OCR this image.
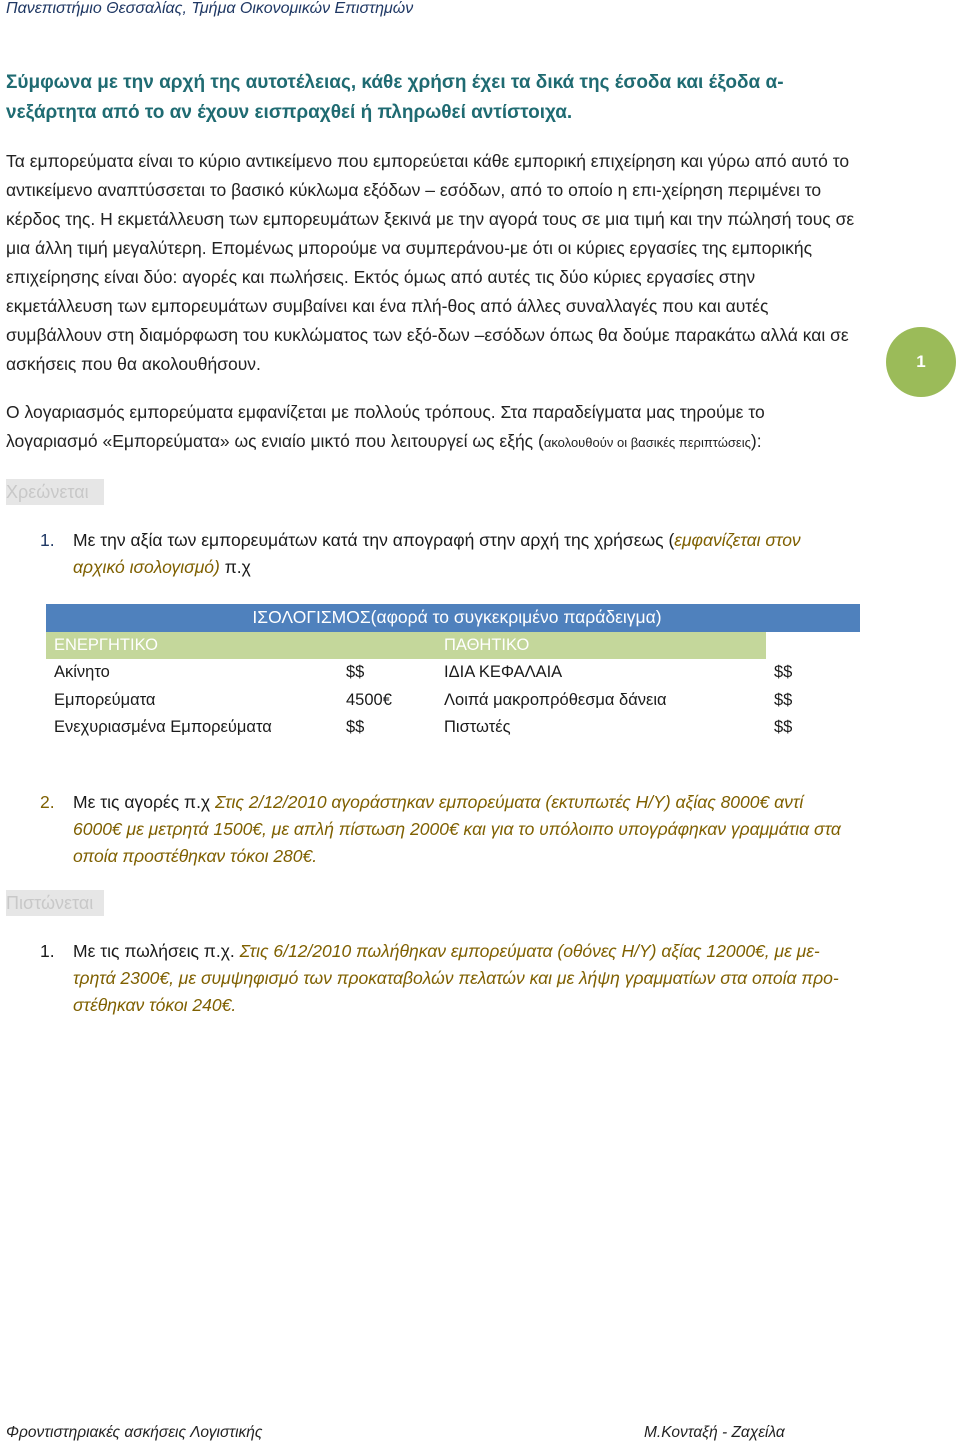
Πανεπιστήμιο Θεσσαλίας, Τμήμα Οικονομικών Επιστημών
Σύμφωνα με την αρχή της αυτοτέλειας, κάθε χρήση έχει τα δικά της έσοδα και έξοδα α-νεξάρτητα από το αν έχουν εισπραχθεί ή πληρωθεί αντίστοιχα.
Τα εμπορεύματα είναι το κύριο αντικείμενο που εμπορεύεται κάθε εμπορική επιχείρηση και γύρω από αυτό το αντικείμενο αναπτύσσεται το βασικό κύκλωμα εξόδων – εσόδων, από το οποίο η επι-χείρηση περιμένει το κέρδος της. Η εκμετάλλευση των εμπορευμάτων ξεκινά με την αγορά τους σε μια τιμή και την πώλησή τους σε μια άλλη τιμή μεγαλύτερη. Επομένως μπορούμε να συμπεράνου-με ότι οι κύριες εργασίες της εμπορικής επιχείρησης είναι δύο: αγορές και πωλήσεις. Εκτός όμως από αυτές τις δύο κύριες εργασίες στην εκμετάλλευση των εμπορευμάτων συμβαίνει και ένα πλή-θος από άλλες συναλλαγές που και αυτές συμβάλλουν στη διαμόρφωση του κυκλώματος των εξό-δων –εσόδων όπως θα δούμε παρακάτω αλλά και σε ασκήσεις που θα ακολουθήσουν.	1
Ο λογαριασμός εμπορεύματα εμφανίζεται με πολλούς τρόπους. Στα παραδείγματα μας τηρούμε το λογαριασμό «Εμπορεύματα» ως ενιαίο μικτό που λειτουργεί ως εξής (ακολουθούν οι βασικές περιπτώσεις):
Χρεώνεται
1. Με την αξία των εμπορευμάτων κατά την απογραφή στην αρχή της χρήσεως (εμφανίζεται στον αρχικό ισολογισμό) π.χ
ΙΣΟΛΟΓΙΣΜΟΣ(αφορά το συγκεκριμένο παράδειγμα)			
ΕΝΕΡΓΗΤΙΚΟ		ΠΑΘΗΤΙΚΟ	
Ακίνητο	$$	ΙΔΙΑ ΚΕΦΑΛΑΙΑ	$$
Εμπορεύματα	4500€	Λοιπά μακροπρόθεσμα δάνεια	$$
Ενεχυριασμένα Εμπορεύματα	$$	Πιστωτές	$$
2. Με τις αγορές π.χ Στις 2/12/2010 αγοράστηκαν εμπορεύματα (εκτυπωτές Η/Υ) αξίας 8000€ αντί 6000€ με μετρητά 1500€, με απλή πίστωση 2000€ και για το υπόλοιπο υπογράφηκαν γραμμάτια στα οποία προστέθηκαν τόκοι 280€.
Πιστώνεται
1. Με τις πωλήσεις π.χ. Στις 6/12/2010 πωλήθηκαν εμπορεύματα (οθόνες Η/Υ) αξίας 12000€, με με-τρητά 2300€, με συμψηφισμό των προκαταβολών πελατών και με λήψη γραμματίων στα οποία προ-στέθηκαν τόκοι 240€.
Φροντιστηριακές ασκήσεις Λογιστικής	Μ.Κονταξή - Ζαχείλα
